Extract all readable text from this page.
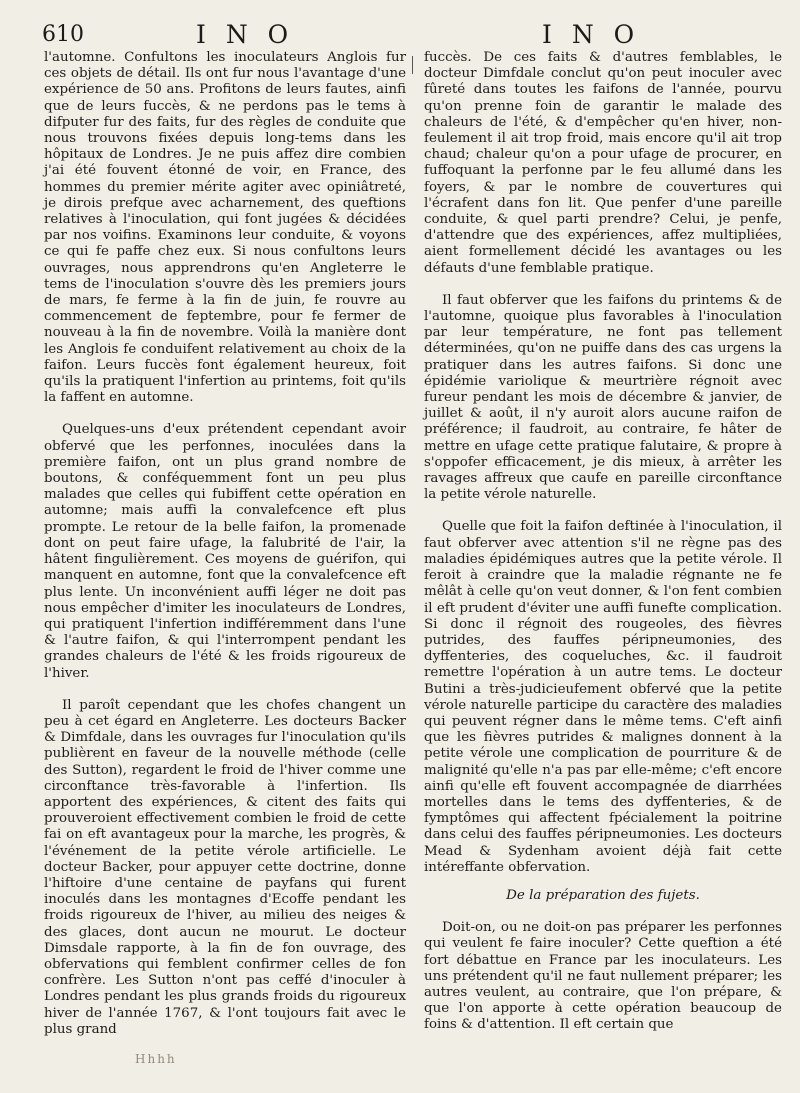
610	I N O	I N O

l'automne. Confultons les inoculateurs Anglois fur ces objets de détail. Ils ont fur nous l'avantage d'une expérience de 50 ans. Profitons de leurs fautes, ainfi que de leurs fuccès, & ne perdons pas le tems à difputer fur des faits, fur des règles de conduite que nous trouvons fixées depuis long-tems dans les hôpitaux de Londres. Je ne puis affez dire combien j'ai été fouvent étonné de voir, en France, des hommes du premier mérite agiter avec opiniâtreté, je dirois prefque avec acharnement, des queftions relatives à l'inoculation, qui font jugées & décidées par nos voifins. Examinons leur conduite, & voyons ce qui fe paffe chez eux. Si nous confultons leurs ouvrages, nous apprendrons qu'en Angleterre le tems de l'inoculation s'ouvre dès les premiers jours de mars, fe ferme à la fin de juin, fe rouvre au commencement de feptembre, pour fe fermer de nouveau à la fin de novembre. Voilà la manière dont les Anglois fe conduifent relativement au choix de la faifon. Leurs fuccès font également heureux, foit qu'ils la pratiquent l'infertion au printems, foit qu'ils la faffent en automne.

Quelques-uns d'eux prétendent cependant avoir obfervé que les perfonnes, inoculées dans la première faifon, ont un plus grand nombre de boutons, & conféquemment font un peu plus malades que celles qui fubiffent cette opération en automne; mais auffi la convalefcence eft plus prompte. Le retour de la belle faifon, la promenade dont on peut faire ufage, la falubrité de l'air, la hâtent fingulièrement. Ces moyens de guérifon, qui manquent en automne, font que la convalefcence eft plus lente. Un inconvénient auffi léger ne doit pas nous empêcher d'imiter les inoculateurs de Londres, qui pratiquent l'infertion indifféremment dans l'une & l'autre faifon, & qui l'interrompent pendant les grandes chaleurs de l'été & les froids rigoureux de l'hiver.

Il paroît cependant que les chofes changent un peu à cet égard en Angleterre. Les docteurs Backer & Dimfdale, dans les ouvrages fur l'inoculation qu'ils publièrent en faveur de la nouvelle méthode (celle des Sutton), regardent le froid de l'hiver comme une circonftance très-favorable à l'infertion. Ils apportent des expériences, & citent des faits qui prouveroient effectivement combien le froid de cette fai on eft avantageux pour la marche, les progrès, & l'événement de la petite vérole artificielle. Le docteur Backer, pour appuyer cette doctrine, donne l'hiftoire d'une centaine de payfans qui furent inoculés dans les montagnes d'Ecoffe pendant les froids rigoureux de l'hiver, au milieu des neiges & des glaces, dont aucun ne mourut. Le docteur Dimsdale rapporte, à la fin de fon ouvrage, des obfervations qui femblent confirmer celles de fon confrère. Les Sutton n'ont pas ceffé d'inoculer à Londres pendant les plus grands froids du rigoureux hiver de l'année 1767, & l'ont toujours fait avec le plus grand

fuccès. De ces faits & d'autres femblables, le docteur Dimfdale conclut qu'on peut inoculer avec fûreté dans toutes les faifons de l'année, pourvu qu'on prenne foin de garantir le malade des chaleurs de l'été, & d'empêcher qu'en hiver, non-feulement il ait trop froid, mais encore qu'il ait trop chaud; chaleur qu'on a pour ufage de procurer, en fuffoquant la perfonne par le feu allumé dans les foyers, & par le nombre de couvertures qui l'écrafent dans fon lit. Que penfer d'une pareille conduite, & quel parti prendre? Celui, je penfe, d'attendre que des expériences, affez multipliées, aient formellement décidé les avantages ou les défauts d'une femblable pratique.

Il faut obferver que les faifons du printems & de l'automne, quoique plus favorables à l'inoculation par leur température, ne font pas tellement déterminées, qu'on ne puiffe dans des cas urgens la pratiquer dans les autres faifons. Si donc une épidémie variolique & meurtrière régnoit avec fureur pendant les mois de décembre & janvier, de juillet & août, il n'y auroit alors aucune raifon de préférence; il faudroit, au contraire, fe hâter de mettre en ufage cette pratique falutaire, & propre à s'oppofer efficacement, je dis mieux, à arrêter les ravages affreux que caufe en pareille circonftance la petite vérole naturelle.

Quelle que foit la faifon deftinée à l'inoculation, il faut obferver avec attention s'il ne règne pas des maladies épidémiques autres que la petite vérole. Il feroit à craindre que la maladie régnante ne fe mêlât à celle qu'on veut donner, & l'on fent combien il eft prudent d'éviter une auffi funefte complication. Si donc il régnoit des rougeoles, des fièvres putrides, des fauffes péripneumonies, des dyffenteries, des coqueluches, &c. il faudroit remettre l'opération à un autre tems. Le docteur Butini a très-judicieufement obfervé que la petite vérole naturelle participe du caractère des maladies qui peuvent régner dans le même tems. C'eft ainfi que les fièvres putrides & malignes donnent à la petite vérole une complication de pourriture & de malignité qu'elle n'a pas par elle-même; c'eft encore ainfi qu'elle eft fouvent accompagnée de diarrhées mortelles dans le tems des dyffenteries, & de fymptômes qui affectent fpécialement la poitrine dans celui des fauffes péripneumonies. Les docteurs Mead & Sydenham avoient déjà fait cette intéreffante obfervation.

De la préparation des fujets.

Doit-on, ou ne doit-on pas préparer les perfonnes qui veulent fe faire inoculer? Cette queftion a été fort débattue en France par les inoculateurs. Les uns prétendent qu'il ne faut nullement préparer; les autres veulent, au contraire, que l'on prépare, & que l'on apporte à cette opération beaucoup de foins & d'attention. Il eft certain que

Hhhh
